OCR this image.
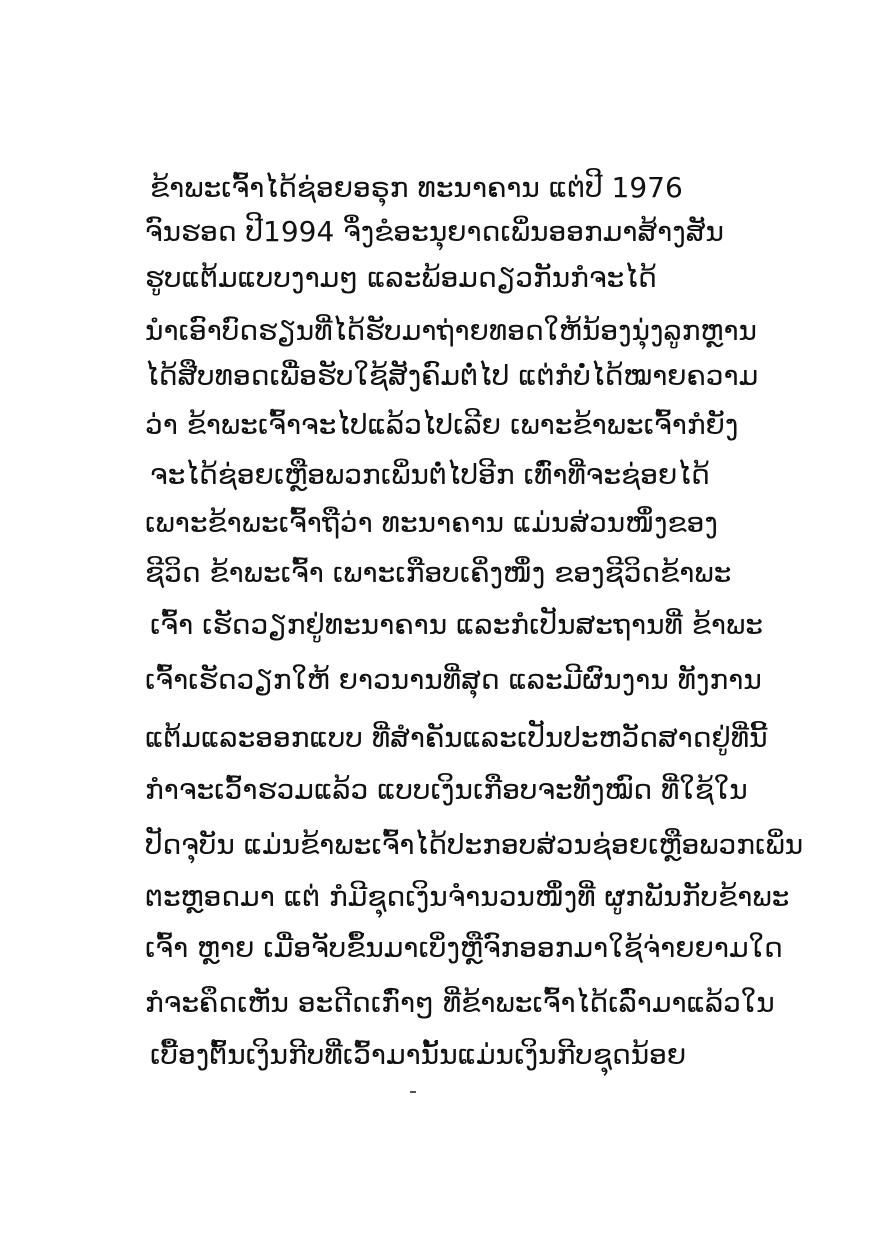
ຂ້າພະເຈົ້າໄດ້ຊ່ອຍອຣຸກ ທະນາຄານ ແຕ່ປີ 1976
ຈົນຮອດ ປີ1994 ຈຶ່ງຂໍອະນຸຍາດເພິ່ນອອກມາສ້າງສັນ
ຮູບແຕ້ມແບບງາມໆ ແລະພ້ອມດຽວກັນກໍຈະໄດ້
ນຳເອົາບົດຮຽນທີ່ໄດ້ຮັບມາຖ່າຍທອດໃຫ້ນ້ອງນຸ່ງລູກຫຼານ
ໄດ້ສືບທອດເພື່ອຮັບໃຊ້ສັງຄົມຕໍ່ໄປ ແຕ່ກໍບໍ່ໄດ້ໝາຍຄວາມ
ວ່າ ຂ້າພະເຈົ້າຈະໄປແລ້ວໄປເລີຍ ເພາະຂ້າພະເຈົ້າກໍຍັງ
ຈະໄດ້ຊ່ອຍເຫຼືອພວກເພິ່ນຕໍ່ໄປອີກ ເທົ່າທີ່ຈະຊ່ອຍໄດ້
ເພາະຂ້າພະເຈົ້າຖືວ່າ ທະນາຄານ ແມ່ນສ່ວນໜຶ່ງຂອງ
ຊີວິດ ຂ້າພະເຈົ້າ ເພາະເກືອບເຄິ່ງໜຶ່ງ ຂອງຊີວິດຂ້າພະ
ເຈົ້າ ເຮັດວຽກຢູ່ທະນາຄານ ແລະກໍເປັນສະຖານທີ່ ຂ້າພະ
ເຈົ້າເຮັດວຽກໃຫ້ ຍາວນານທີ່ສຸດ ແລະມີຜົນງານ ທັງການ
ແຕ້ມແລະອອກແບບ ທີ່ສຳຄັນແລະເປັນປະຫວັດສາດຢູ່ທີ່ນີ້
ກໍາຈະເວົ້າຮວມແລ້ວ ແບບເງິນເກືອບຈະທັງໝົດ ທີ່ໃຊ້ໃນ
ປັດຈຸບັນ ແມ່ນຂ້າພະເຈົ້າໄດ້ປະກອບສ່ວນຊ່ອຍເຫຼືອພວກເພິ່ນ
ຕະຫຼອດມາ ແຕ່ ກໍມີຊຸດເງິນຈຳນວນໜຶ່ງທີ່ ຜູກພັນກັບຂ້າພະ
ເຈົ້າ ຫຼາຍ ເມື່ອຈັບຂຶ້ນມາເບິ່ງຫຼືຈົກອອກມາໃຊ້ຈ່າຍຍາມໃດ
ກໍຈະຄຶດເຫັນ ອະດີດເກົ່າໆ ທີ່ຂ້າພະເຈົ້າໄດ້ເລົ່າມາແລ້ວໃນ
ເບື້ອງຕົ້ນເງິນກີບທີ່ເວົ້າມານັ້ນແມ່ນເງິນກີບຊຸດນ້ອຍ
